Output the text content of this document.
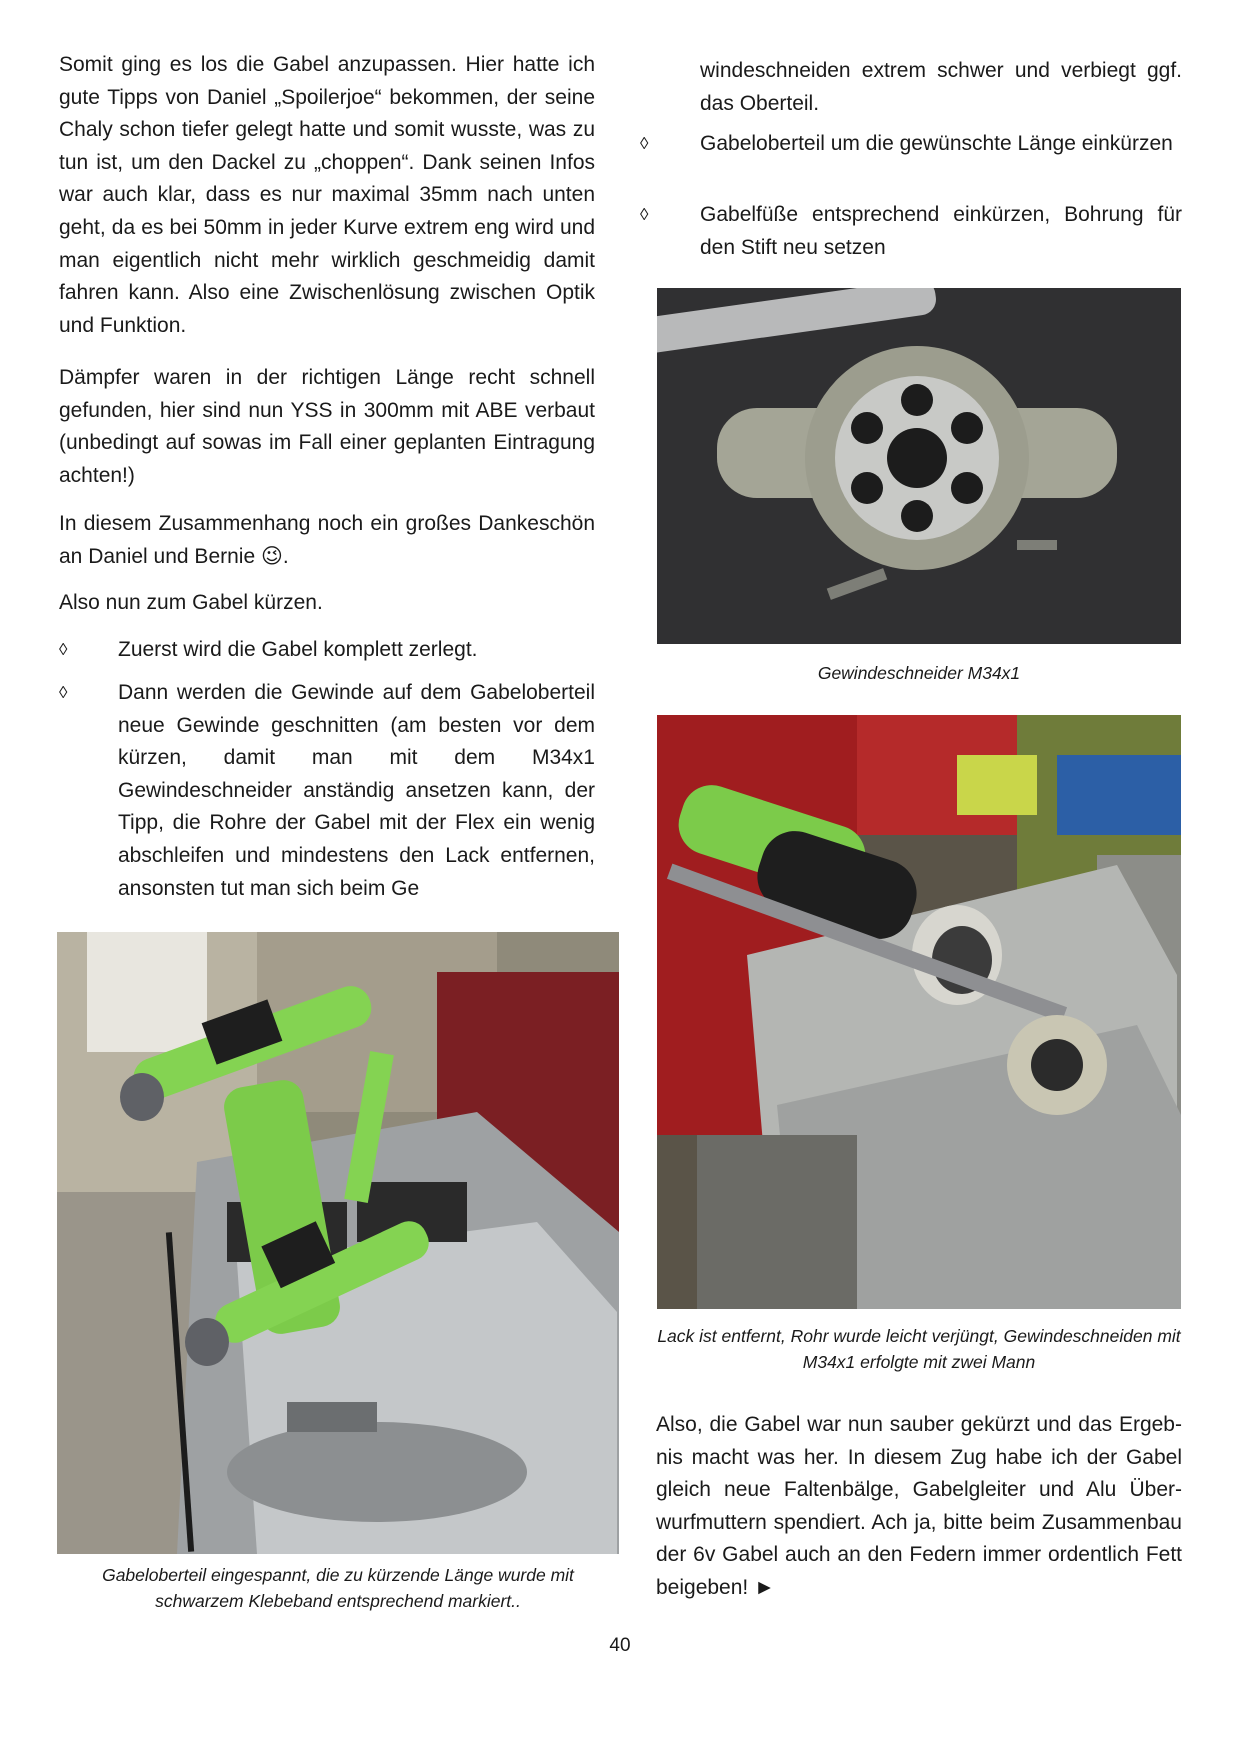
Somit ging es los die Gabel anzupassen. Hier hatte ich gute Tipps von Daniel „Spoilerjoe“ bekommen, der seine Chaly schon tiefer gelegt hatte und somit wusste, was zu tun ist, um den Dackel zu „choppen“. Dank seinen Infos war auch klar, dass es nur maximal 35mm nach unten geht, da es bei 50mm in jeder Kurve extrem eng wird und man eigentlich nicht mehr wirklich geschmeidig damit fahren kann. Also eine Zwischenlösung zwischen Optik und Funktion.

Dämpfer waren in der richtigen Länge recht schnell gefunden, hier sind nun YSS in 300mm mit ABE verbaut (unbedingt auf sowas im Fall einer geplanten Eintragung achten!)

In diesem Zusammenhang noch ein großes Dankeschön an Daniel und Bernie 😉.

Also nun zum Gabel kürzen.

◊	Zuerst wird die Gabel komplett zerlegt.

◊	Dann werden die Gewinde auf dem Gabeloberteil neue Gewinde geschnitten (am besten vor dem kürzen, damit man mit dem M34x1 Gewindeschneider anständig ansetzen kann, der Tipp, die Rohre der Gabel mit der Flex ein wenig abschleifen und mindestens den Lack entfernen, ansonsten tut man sich beim Ge

Gabeloberteil eingespannt, die zu kürzende Länge wurde mit schwarzem Klebeband entsprechend markiert..

windeschneiden extrem schwer und verbiegt ggf. das Oberteil.

◊	Gabeloberteil um die gewünschte Länge einkürzen

◊	Gabelfüße entsprechend einkürzen, Bohrung für den Stift neu setzen

Gewindeschneider M34x1

Lack ist entfernt, Rohr wurde leicht verjüngt, Gewindeschneiden mit M34x1 erfolgte mit zwei Mann

Also, die Gabel war nun sauber gekürzt und das Ergebnis macht was her. In diesem Zug habe ich der Gabel gleich neue Faltenbälge, Gabelgleiter und Alu Überwurfmuttern spendiert. Ach ja, bitte beim Zusammenbau der 6v Gabel auch an den Federn immer ordentlich Fett beigeben! ►

40
